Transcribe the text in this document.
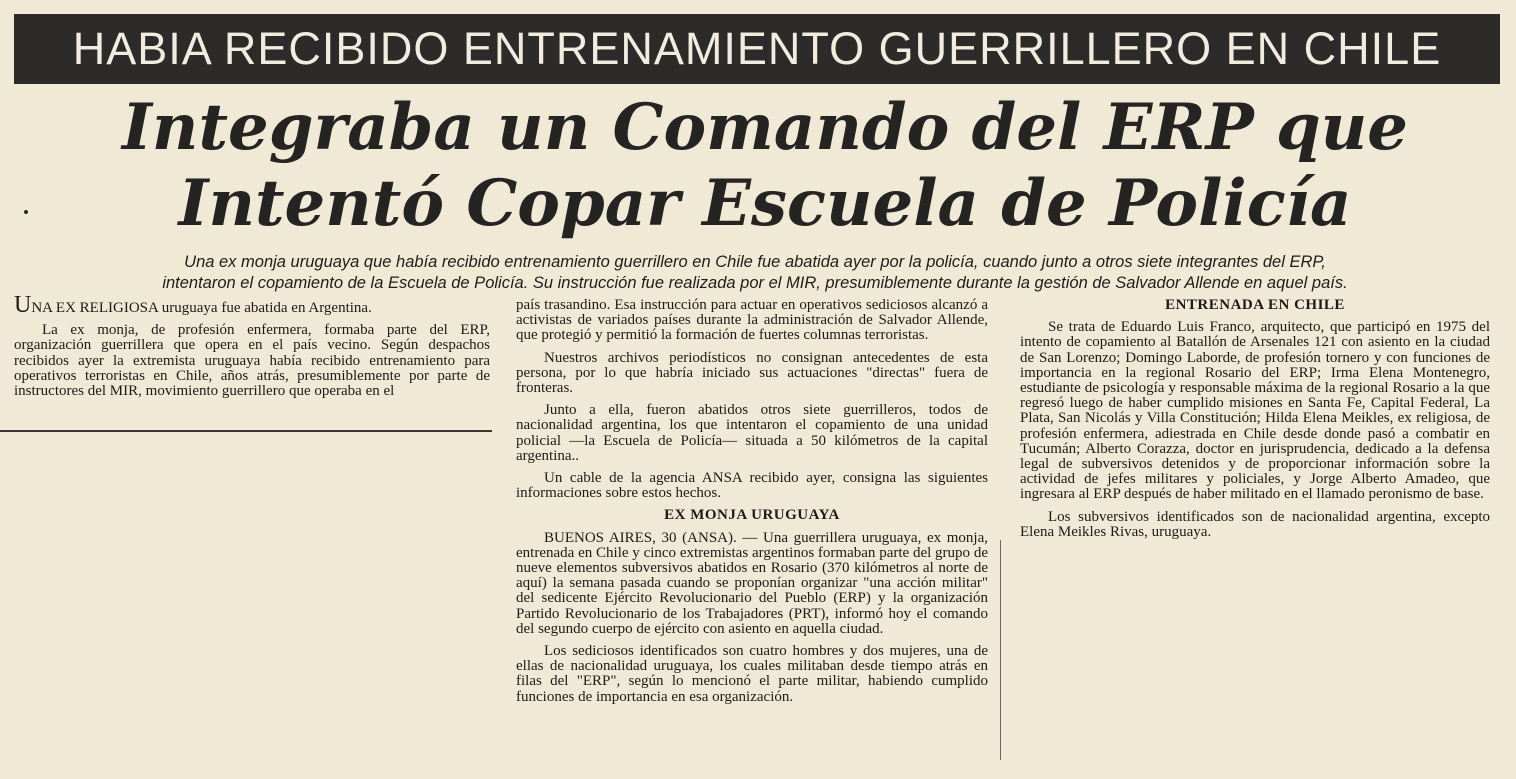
HABIA RECIBIDO ENTRENAMIENTO GUERRILLERO EN CHILE
Integraba un Comando del ERP que
Intentó Copar Escuela de Policía
Una ex monja uruguaya que había recibido entrenamiento guerrillero en Chile fue abatida ayer por la policía, cuando junto a otros siete integrantes del ERP,
intentaron el copamiento de la Escuela de Policía. Su instrucción fue realizada por el MIR, presumiblemente durante la gestión de Salvador Allende en aquel país.

UNA EX RELIGIOSA uruguaya fue abatida en Argentina.

La ex monja, de profesión enfermera, formaba parte del ERP, organización guerrillera que opera en el país vecino. Según despachos recibidos ayer la extremista uruguaya había recibido entrenamiento para operativos terroristas en Chile, años atrás, presumiblemente por parte de instructores del MIR, movimiento guerrillero que operaba en el

país trasandino. Esa instrucción para actuar en operativos sediciosos alcanzó a activistas de variados países durante la administración de Salvador Allende, que protegió y permitió la formación de fuertes columnas terroristas.

Nuestros archivos periodísticos no consignan antecedentes de esta persona, por lo que habría iniciado sus actuaciones "directas" fuera de fronteras.

Junto a ella, fueron abatidos otros siete guerrilleros, todos de nacionalidad argentina, los que intentaron el copamiento de una unidad policial —la Escuela de Policía— situada a 50 kilómetros de la capital argentina..

Un cable de la agencia ANSA recibido ayer, consigna las siguientes informaciones sobre estos hechos.

EX MONJA URUGUAYA

BUENOS AIRES, 30 (ANSA). — Una guerrillera uruguaya, ex monja, entrenada en Chile y cinco extremistas argentinos formaban parte del grupo de nueve elementos subversivos abatidos en Rosario (370 kilómetros al norte de aquí) la semana pasada cuando se proponían organizar "una acción militar" del sedicente Ejército Revolucionario del Pueblo (ERP) y la organización Partido Revolucionario de los Trabajadores (PRT), informó hoy el comando del segundo cuerpo de ejército con asiento en aquella ciudad.

Los sediciosos identificados son cuatro hombres y dos mujeres, una de ellas de nacionalidad uruguaya, los cuales militaban desde tiempo atrás en filas del "ERP", según lo mencionó el parte militar, habiendo cumplido funciones de importancia en esa organización.

ENTRENADA EN CHILE

Se trata de Eduardo Luis Franco, arquitecto, que participó en 1975 del intento de copamiento al Batallón de Arsenales 121 con asiento en la ciudad de San Lorenzo; Domingo Laborde, de profesión tornero y con funciones de importancia en la regional Rosario del ERP; Irma Elena Montenegro, estudiante de psicología y responsable máxima de la regional Rosario a la que regresó luego de haber cumplido misiones en Santa Fe, Capital Federal, La Plata, San Nicolás y Villa Constitución; Hilda Elena Meikles, ex religiosa, de profesión enfermera, adiestrada en Chile desde donde pasó a combatir en Tucumán; Alberto Corazza, doctor en jurisprudencia, dedicado a la defensa legal de subversivos detenidos y de proporcionar información sobre la actividad de jefes militares y policiales, y Jorge Alberto Amadeo, que ingresara al ERP después de haber militado en el llamado peronismo de base.

Los subversivos identificados son de nacionalidad argentina, excepto Elena Meikles Rivas, uruguaya.
